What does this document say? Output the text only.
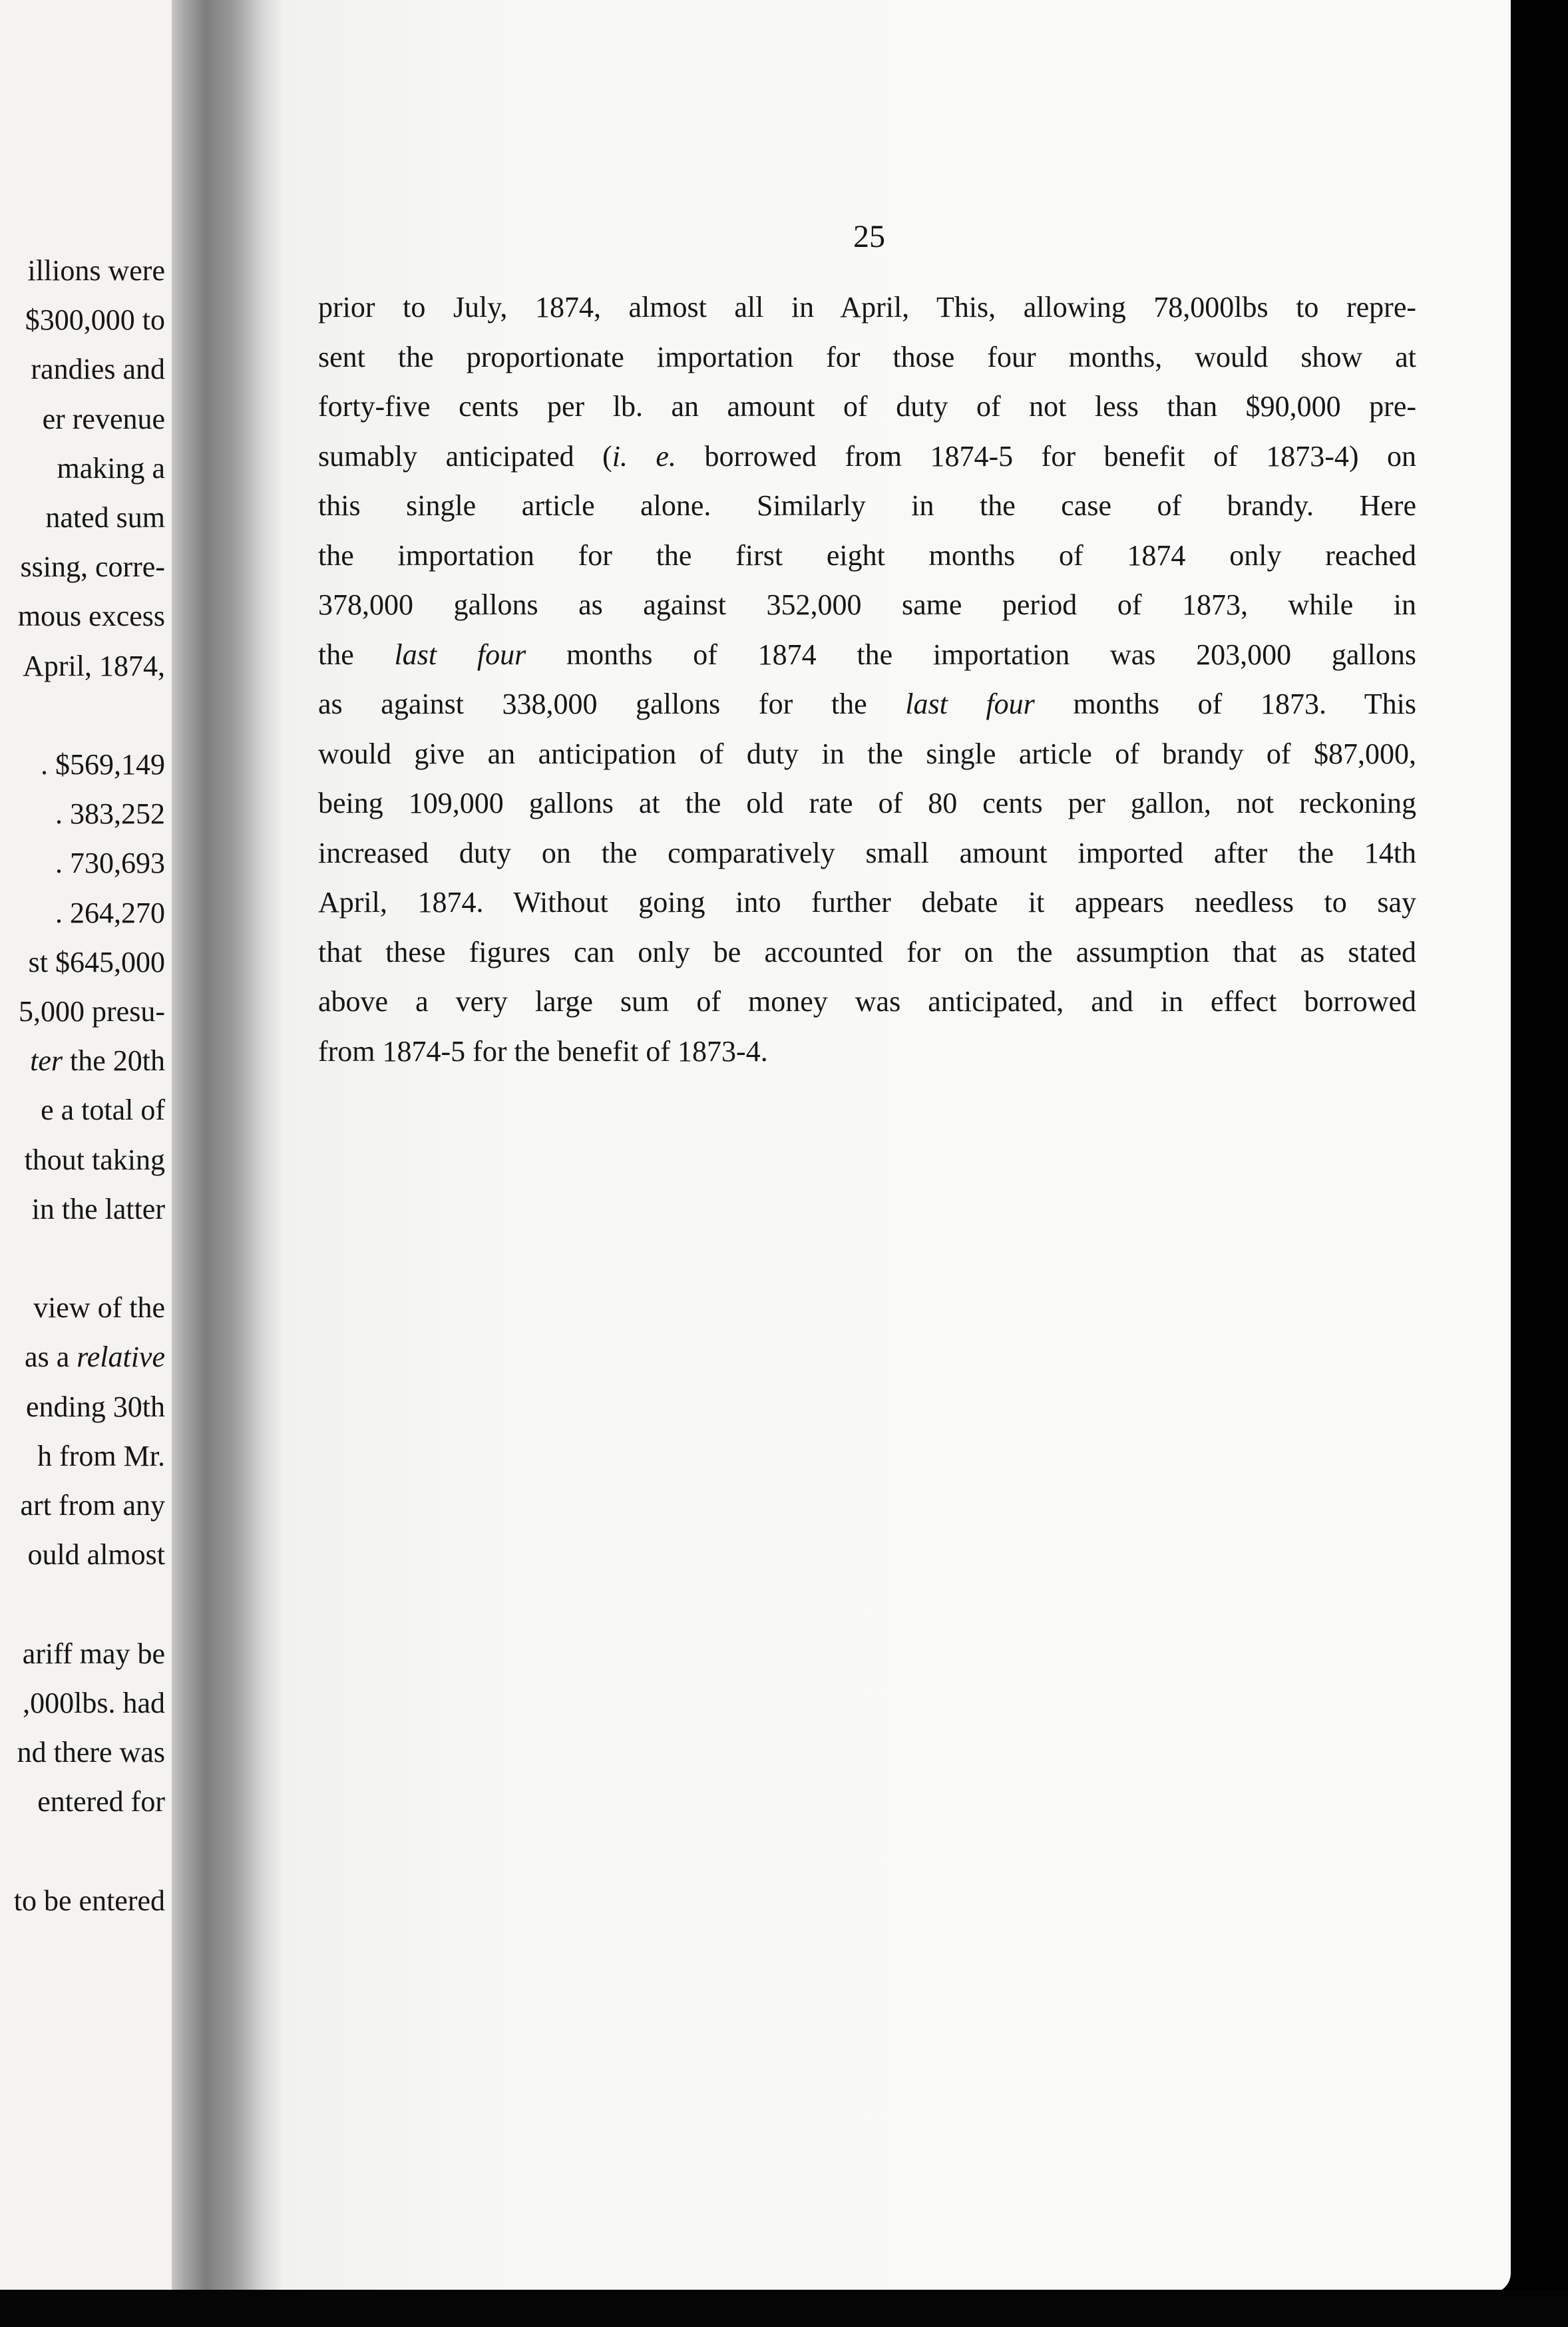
illions were
$300,000 to
randies and
er revenue
making a
nated sum
ssing, corre-
mous excess
April, 1874,
. $569,149
. 383,252
. 730,693
. 264,270
st $645,000
5,000 presu-
ter the 20th
e a total of
thout taking
in the latter
view of the
as a relative
ending 30th
h from Mr.
art from any
ould almost
ariff may be
,000lbs. had
nd there was
entered for
to be entered
25
prior to July, 1874, almost all in April, This, allowing 78,000lbs to repre-
sent the proportionate importation for those four months, would show at
forty-five cents per lb. an amount of duty of not less than $90,000 pre-
sumably anticipated (i. e. borrowed from 1874-5 for benefit of 1873-4) on
this single article alone. Similarly in the case of brandy. Here
the importation for the first eight months of 1874 only reached
378,000 gallons as against 352,000 same period of 1873, while in
the last four months of 1874 the importation was 203,000 gallons
as against 338,000 gallons for the last four months of 1873. This
would give an anticipation of duty in the single article of brandy of $87,000,
being 109,000 gallons at the old rate of 80 cents per gallon, not reckoning
increased duty on the comparatively small amount imported after the 14th
April, 1874. Without going into further debate it appears needless to say
that these figures can only be accounted for on the assumption that as stated
above a very large sum of money was anticipated, and in effect borrowed
from 1874-5 for the benefit of 1873-4.
